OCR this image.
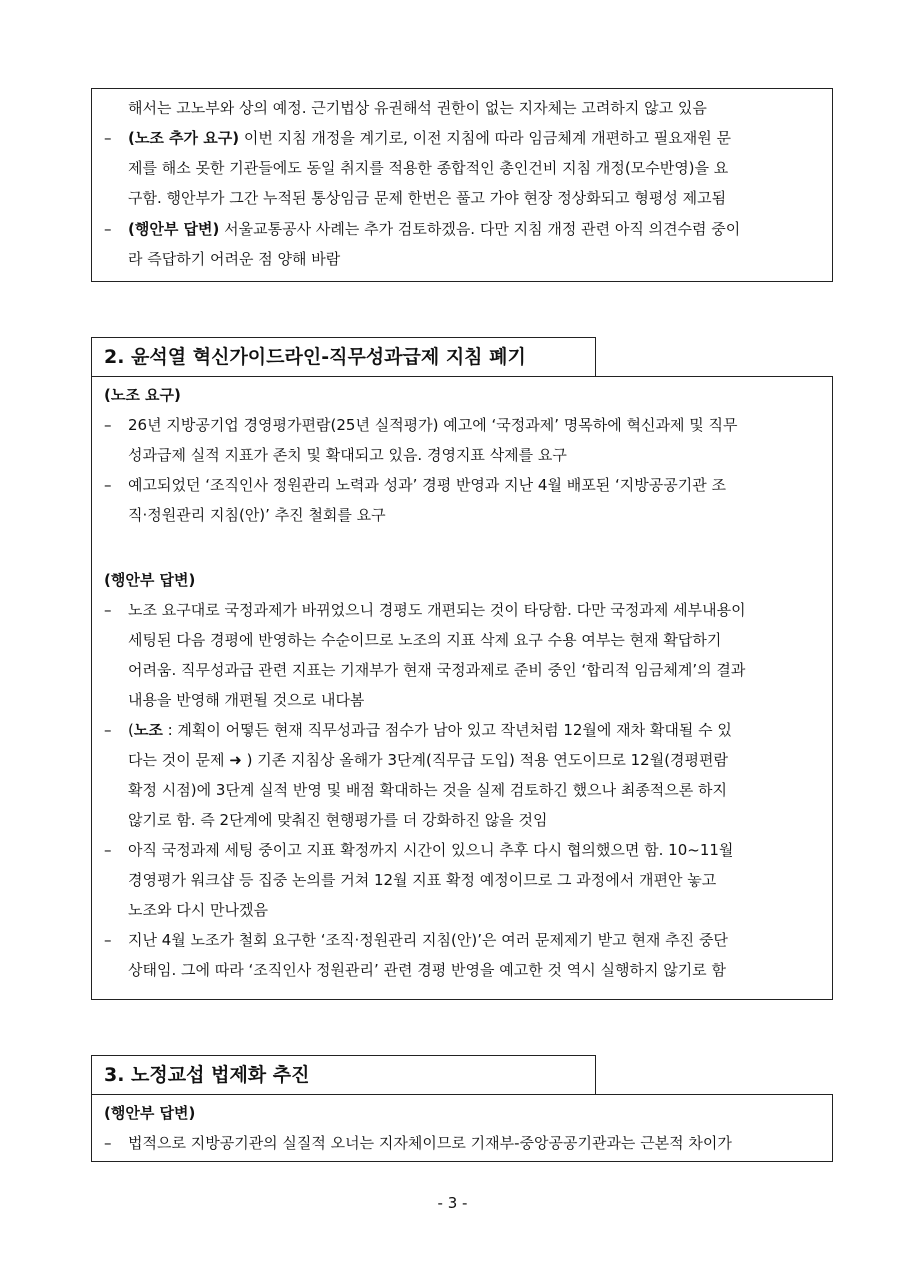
해서는 고노부와 상의 예정. 근기법상 유권해석 권한이 없는 지자체는 고려하지 않고 있음
– (노조 추가 요구) 이번 지침 개정을 계기로, 이전 지침에 따라 임금체계 개편하고 필요재원 문
제를 해소 못한 기관들에도 동일 취지를 적용한 종합적인 총인건비 지침 개정(모수반영)을 요
구함. 행안부가 그간 누적된 통상임금 문제 한번은 풀고 가야 현장 정상화되고 형평성 제고됨
– (행안부 답변) 서울교통공사 사례는 추가 검토하겠음. 다만 지침 개정 관련 아직 의견수렴 중이
라 즉답하기 어려운 점 양해 바람
2. 윤석열 혁신가이드라인-직무성과급제 지침 폐기
(노조 요구)
– 26년 지방공기업 경영평가편람(25년 실적평가) 예고에 ‘국정과제’ 명목하에 혁신과제 및 직무
성과급제 실적 지표가 존치 및 확대되고 있음. 경영지표 삭제를 요구
– 예고되었던 ‘조직인사 정원관리 노력과 성과’ 경평 반영과 지난 4월 배포된 ‘지방공공기관 조
직·정원관리 지침(안)’ 추진 철회를 요구
(행안부 답변)
– 노조 요구대로 국정과제가 바뀌었으니 경평도 개편되는 것이 타당함. 다만 국정과제 세부내용이
세팅된 다음 경평에 반영하는 수순이므로 노조의 지표 삭제 요구 수용 여부는 현재 확답하기
어려움. 직무성과급 관련 지표는 기재부가 현재 국정과제로 준비 중인 ‘합리적 임금체계’의 결과
내용을 반영해 개편될 것으로 내다봄
– (노조 : 계획이 어떻든 현재 직무성과급 점수가 남아 있고 작년처럼 12월에 재차 확대될 수 있
다는 것이 문제 ➜ ) 기존 지침상 올해가 3단계(직무급 도입) 적용 연도이므로 12월(경평편람
확정 시점)에 3단계 실적 반영 및 배점 확대하는 것을 실제 검토하긴 했으나 최종적으론 하지
않기로 함. 즉 2단계에 맞춰진 현행평가를 더 강화하진 않을 것임
– 아직 국정과제 세팅 중이고 지표 확정까지 시간이 있으니 추후 다시 협의했으면 함. 10~11월
경영평가 워크샵 등 집중 논의를 거쳐 12월 지표 확정 예정이므로 그 과정에서 개편안 놓고
노조와 다시 만나겠음
– 지난 4월 노조가 철회 요구한 ‘조직·정원관리 지침(안)’은 여러 문제제기 받고 현재 추진 중단
상태임. 그에 따라 ‘조직인사 정원관리’ 관련 경평 반영을 예고한 것 역시 실행하지 않기로 함
3. 노정교섭 법제화 추진
(행안부 답변)
– 법적으로 지방공기관의 실질적 오너는 지자체이므로 기재부-중앙공공기관과는 근본적 차이가
- 3 -
